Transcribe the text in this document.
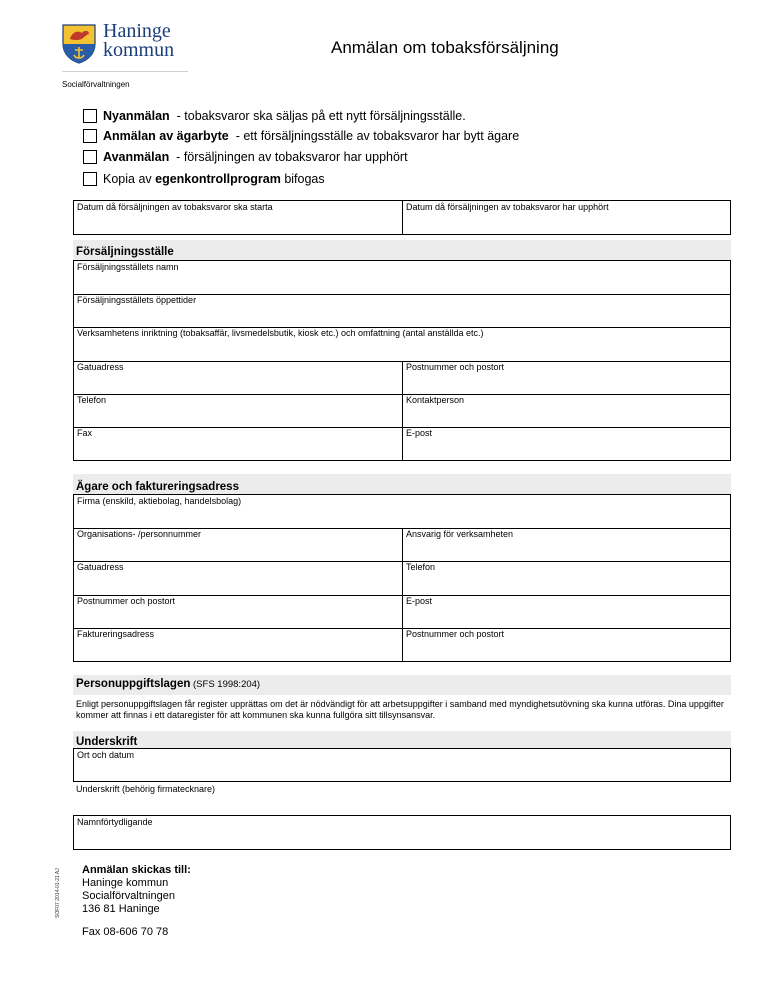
Haninge
kommun
Socialförvaltningen
Anmälan om tobaksförsäljning
Nyanmälan - tobaksvaror ska säljas på ett nytt försäljningsställe.
Anmälan av ägarbyte - ett försäljningsställe av tobaksvaror har bytt ägare
Avanmälan - försäljningen av tobaksvaror har upphört
Kopia av egenkontrollprogram bifogas
Datum då försäljningen av tobaksvaror ska starta	Datum då försäljningen av tobaksvaror har upphört
Försäljningsställe
Försäljningsställets namn
Försäljningsställets öppettider
Verksamhetens inriktning (tobaksaffär, livsmedelsbutik, kiosk etc.) och omfattning (antal anställda etc.)
Gatuadress	Postnummer och postort
Telefon	Kontaktperson
Fax	E-post
Ägare och faktureringsadress
Firma (enskild, aktiebolag, handelsbolag)
Organisations- /personnummer	Ansvarig för verksamheten
Gatuadress	Telefon
Postnummer och postort	E-post
Faktureringsadress	Postnummer och postort
Personuppgiftslagen (SFS 1998:204)
Enligt personuppgiftslagen får register upprättas om det är nödvändigt för att arbetsuppgifter i samband med myndighetsutövning ska kunna utföras. Dina uppgifter kommer att finnas i ett dataregister för att kommunen ska kunna fullgöra sitt tillsynsansvar.
Underskrift
Ort och datum
Underskrift (behörig firmatecknare)
Namnförtydligande
Anmälan skickas till:
Haninge kommun
Socialförvaltningen
136 81 Haninge
Fax 08-606 70 78
SOF07 2014-01-21 AJ
